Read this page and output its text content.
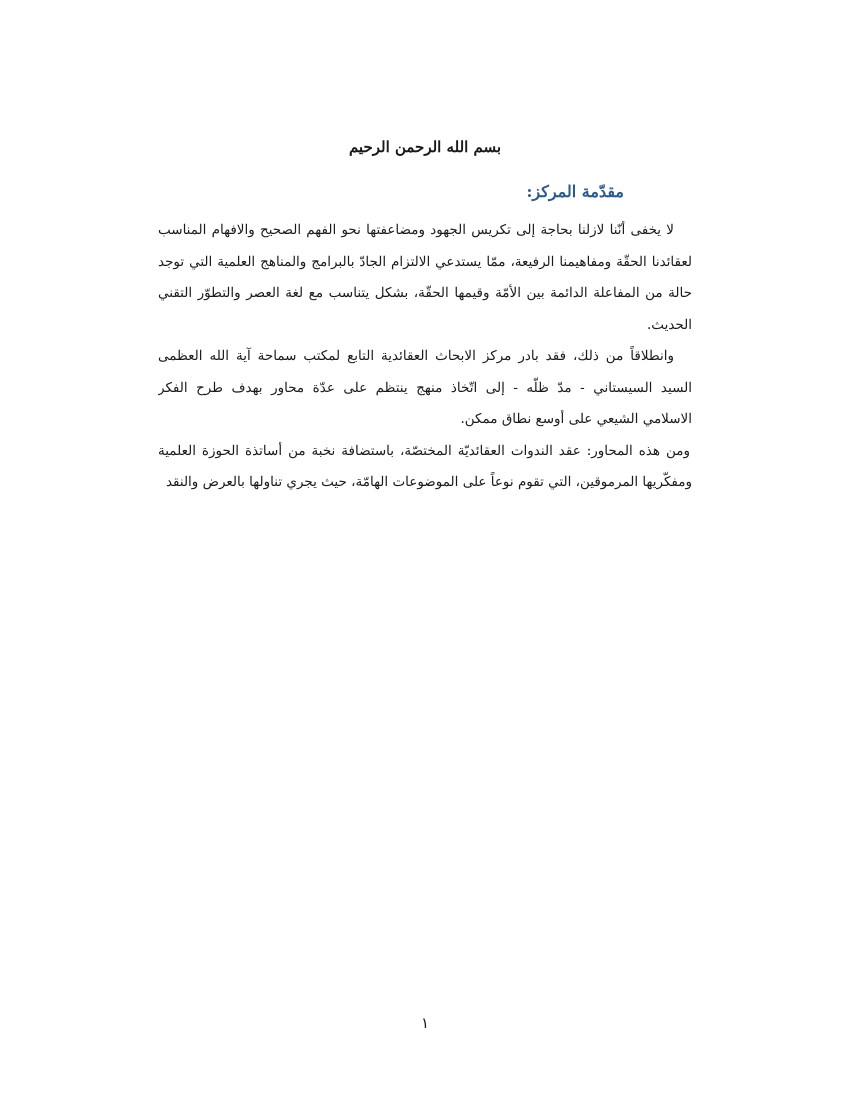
بسم الله الرحمن الرحيم
مقدّمة المركز:
لا يخفى أنّنا لازلنا بحاجة إلى تكريس الجهود ومضاعفتها نحو الفهم الصحيح والافهام المناسب
لعقائدنا الحقّة ومفاهيمنا الرفيعة، ممّا يستدعي الالتزام الجادّ بالبرامج والمناهج العلمية التي توجد
حالة من المفاعلة الدائمة بين الأمّة وقيمها الحقّة، بشكل يتناسب مع لغة العصر والتطوّر التقني
الحديث.
وانطلاقاً من ذلك، فقد بادر مركز الابحاث العقائدية التابع لمكتب سماحة آية الله العظمى
السيد السيستاني - مدّ ظلّه - إلى اتّخاذ منهج ينتظم على عدّة محاور بهدف طرح الفكر
الاسلامي الشيعي على أوسع نطاق ممكن.
ومن هذه المحاور: عقد الندوات العقائديّة المختصّة، باستضافة نخبة من أساتذة الحوزة العلمية
ومفكّريها المرموقين، التي تقوم نوعاً على الموضوعات الهامّة، حيث يجري تناولها بالعرض والنقد
١
